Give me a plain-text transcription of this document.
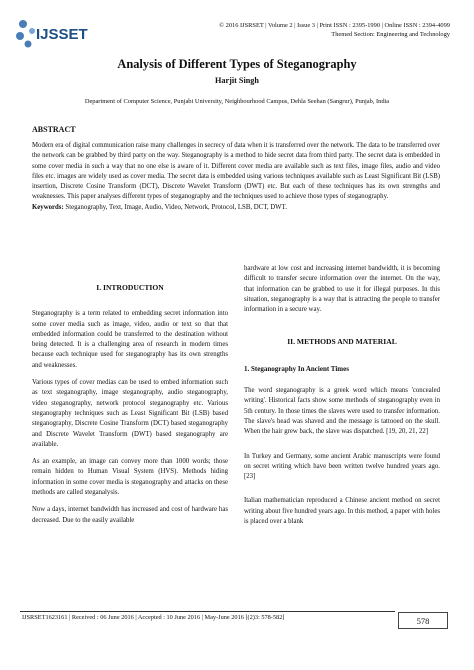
IJSSET
© 2016 IJSRSET | Volume 2 | Issue 3 | Print ISSN : 2395-1990 | Online ISSN : 2394-4099
Themed Section: Engineering and Technology
Analysis of Different Types of Steganography
Harjit Singh
Department of Computer Science, Punjabi University, Neighbourhood Campus, Dehla Seehan (Sangrur), Punjab, India
ABSTRACT

Modern era of digital communication raise many challenges in secrecy of data when it is transferred over the network. The data to be transferred over the network can be grabbed by third party on the way. Steganography is a method to hide secret data from third party. The secret data is embedded in some cover media in such a way that no one else is aware of it. Different cover media are available such as text files, image files, audio and video files etc. images are widely used as cover media. The secret data is embedded using various techniques available such as Least Significant Bit (LSB) insertion, Discrete Cosine Transform (DCT), Discrete Wavelet Transform (DWT) etc. But each of these techniques has its own strengths and weaknesses. This paper analyses different types of steganography and the techniques used to achieve those types of steganography.

Keywords: Steganography, Text, Image, Audio, Video, Network, Protocol, LSB, DCT, DWT.

I. INTRODUCTION

Steganography is a term related to embedding secret information into some cover media such as image, video, audio or text so that that embedded information could be transferred to the destination without being detected. It is a challenging area of research in modern times because each technique used for steganography has its own strengths and weaknesses.

Various types of cover medias can be used to embed information such as text steganography, image steganography, audio steganography, video steganography, network protocol steganography etc. Various steganography techniques such as Least Significant Bit (LSB) based steganography, Discrete Cosine Transform (DCT) based steganography and Discrete Wavelet Transform (DWT) based steganography are available.

As an example, an image can convey more than 1000 words; those remain hidden to Human Visual System (HVS). Methods hiding information in some cover media is steganography and attacks on these methods are called steganalysis.

Now a days, internet bandwidth has increased and cost of hardware has decreased. Due to the easily available

hardware at low cost and increasing internet bandwidth, it is becoming difficult to transfer secure information over the internet. On the way, that information can be grabbed to use it for illegal purposes. In this situation, steganography is a way that is attracting the people to transfer information in a secure way.

II. METHODS AND MATERIAL

1. Steganography In Ancient Times

The word steganography is a greek word which means 'concealed writing'. Historical facts show some methods of steganography even in 5th century. In those times the slaves were used to transfer information. The slave's head was shaved and the message is tattooed on the skull. When the hair grew back, the slave was dispatched. [19, 20, 21, 22]

In Turkey and Germany, some ancient Arabic manuscripts were found on secret writing which have been written twelve hundred years ago. [23]

Italian mathematician reproduced a Chinese ancient method on secret writing about five hundred years ago. In this method, a paper with holes is placed over a blank

IJSRSET1623161 | Received : 06 June 2016 | Accepted : 10 June 2016 | May-June 2016 [(2)3: 578-582]	578
